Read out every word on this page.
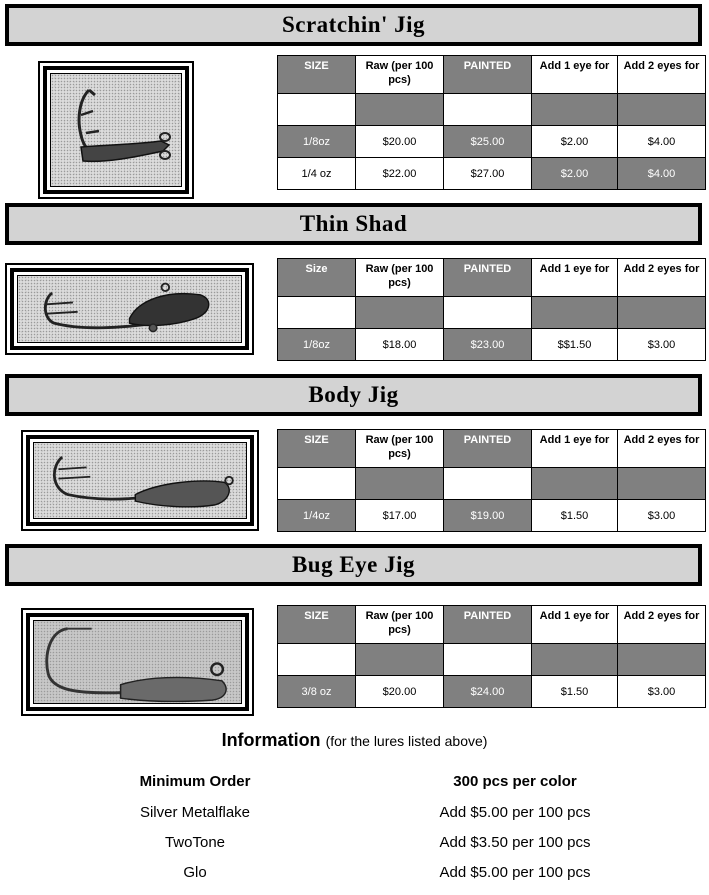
Scratchin' Jig
SIZE	Raw (per 100 pcs)	PAINTED	Add 1 eye for	Add 2 eyes for

1/8oz	$20.00	$25.00	$2.00	$4.00
1/4 oz	$22.00	$27.00	$2.00	$4.00
Thin Shad
Size	Raw (per 100 pcs)	PAINTED	Add 1 eye for	Add 2 eyes for

1/8oz	$18.00	$23.00	$$1.50	$3.00
Body Jig
SIZE	Raw (per 100 pcs)	PAINTED	Add 1 eye for	Add 2 eyes for

1/4oz	$17.00	$19.00	$1.50	$3.00
Bug Eye Jig
SIZE	Raw (per 100 pcs)	PAINTED	Add 1 eye for	Add 2 eyes for

3/8 oz	$20.00	$24.00	$1.50	$3.00
Information (for the lures listed above)
Minimum Order	300 pcs per color
Silver Metalflake	Add $5.00 per 100 pcs
TwoTone	Add $3.50 per 100 pcs
Glo	Add $5.00 per 100 pcs
